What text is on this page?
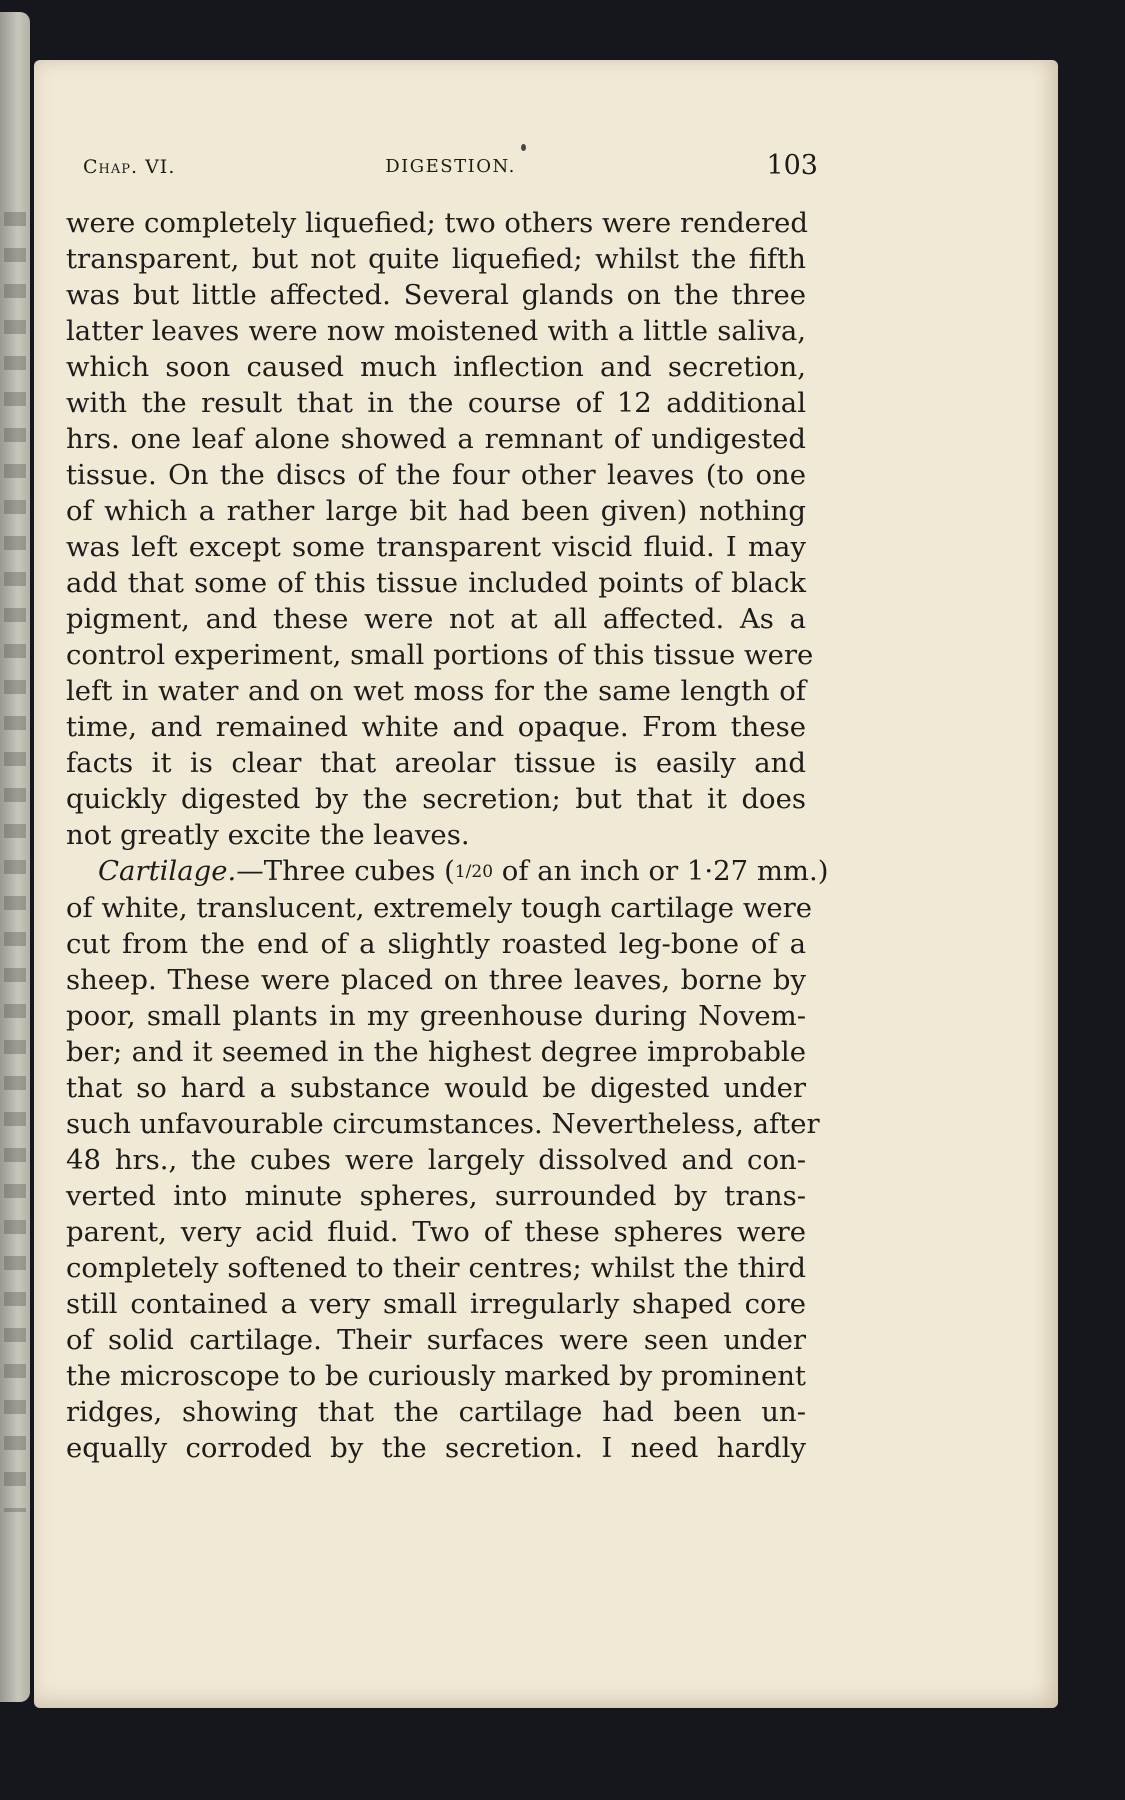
Chap. VI.	DIGESTION.	103
were completely liquefied; two others were rendered
transparent, but not quite liquefied; whilst the fifth
was but little affected. Several glands on the three
latter leaves were now moistened with a little saliva,
which soon caused much inflection and secretion,
with the result that in the course of 12 additional
hrs. one leaf alone showed a remnant of undigested
tissue. On the discs of the four other leaves (to one
of which a rather large bit had been given) nothing
was left except some transparent viscid fluid. I may
add that some of this tissue included points of black
pigment, and these were not at all affected. As a
control experiment, small portions of this tissue were
left in water and on wet moss for the same length of
time, and remained white and opaque. From these
facts it is clear that areolar tissue is easily and
quickly digested by the secretion; but that it does
not greatly excite the leaves.
Cartilage.—Three cubes (1/20 of an inch or 1·27 mm.)
of white, translucent, extremely tough cartilage were
cut from the end of a slightly roasted leg-bone of a
sheep. These were placed on three leaves, borne by
poor, small plants in my greenhouse during Novem-
ber; and it seemed in the highest degree improbable
that so hard a substance would be digested under
such unfavourable circumstances. Nevertheless, after
48 hrs., the cubes were largely dissolved and con-
verted into minute spheres, surrounded by trans-
parent, very acid fluid. Two of these spheres were
completely softened to their centres; whilst the third
still contained a very small irregularly shaped core
of solid cartilage. Their surfaces were seen under
the microscope to be curiously marked by prominent
ridges, showing that the cartilage had been un-
equally corroded by the secretion. I need hardly
